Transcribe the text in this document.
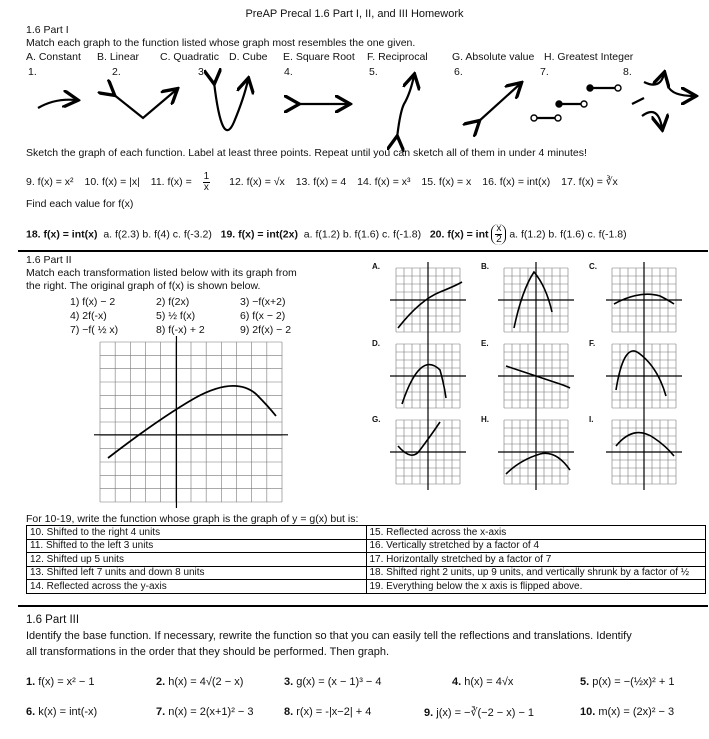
PreAP Precal 1.6 Part I, II, and III Homework
1.6 Part I
Match each graph to the function listed whose graph most resembles the one given.
A. Constant B. Linear C. Quadratic D. Cube E. Square Root F. Reciprocal G. Absolute value H. Greatest Integer
1.	2.	3.	4.	5.	6.	7.	8.
Sketch the graph of each function. Label at least three points. Repeat until you can sketch all of them in under 4 minutes!
9. f(x) = x² 10. f(x) = |x| 11. $f(x) = \frac{1}{x} 12$. f(x) = √x 13. f(x) = 4 14. f(x) = x³ 15. f(x) = x 16. f(x) = int(x) 17. f(x) = ∛x
Find each value for f(x)
18. f(x) = int(x) a. f(2.3) b. f(4) c. f(-3.2) 19. f(x) = int(2x) a. f(1.2) b. f(1.6) c. f(-1.8) 20. f(x) = int $\frac{x}{2} a$. f(1.2) b. f(1.6) c. f(-1.8)
1.6 Part II
Match each transformation listed below with its graph from
the right. The original graph of f(x) is shown below.
1) f(x) − 2	2) f(2x)	3) −f(x+2)
4) 2f(-x)	5) ½ f(x)	6) f(x − 2)
7) −f( ½ x)	8) f(-x) + 2	9) 2f(x) − 2
A.	B.	C.
D.	E.	F.
G.	H.	I.
For 10-19, write the function whose graph is the graph of y = g(x) but is:
10. Shifted to the right 4 units	15. Reflected across the x-axis
11. Shifted to the left 3 units	16. Vertically stretched by a factor of 4
12. Shifted up 5 units	17. Horizontally stretched by a factor of 7
13. Shifted left 7 units and down 8 units	18. Shifted right 2 units, up 9 units, and vertically shrunk by a factor of ½
14. Reflected across the y-axis	19. Everything below the x axis is flipped above.
1.6 Part III
Identify the base function. If necessary, rewrite the function so that you can easily tell the reflections and translations. Identify
all transformations in the order that they should be performed. Then graph.
1. f(x) = x² − 1	2. h(x) = 4√(2 − x)	3. g(x) = (x − 1)³ − 4	4. h(x) = 4√x	5. p(x) = −(½x)² + 1
6. k(x) = int(-x)	7. n(x) = 2(x+1)² − 3	8. r(x) = -|x−2| + 4	9. j(x) = −∛(−2 − x) − 1	10. m(x) = (2x)² − 3
